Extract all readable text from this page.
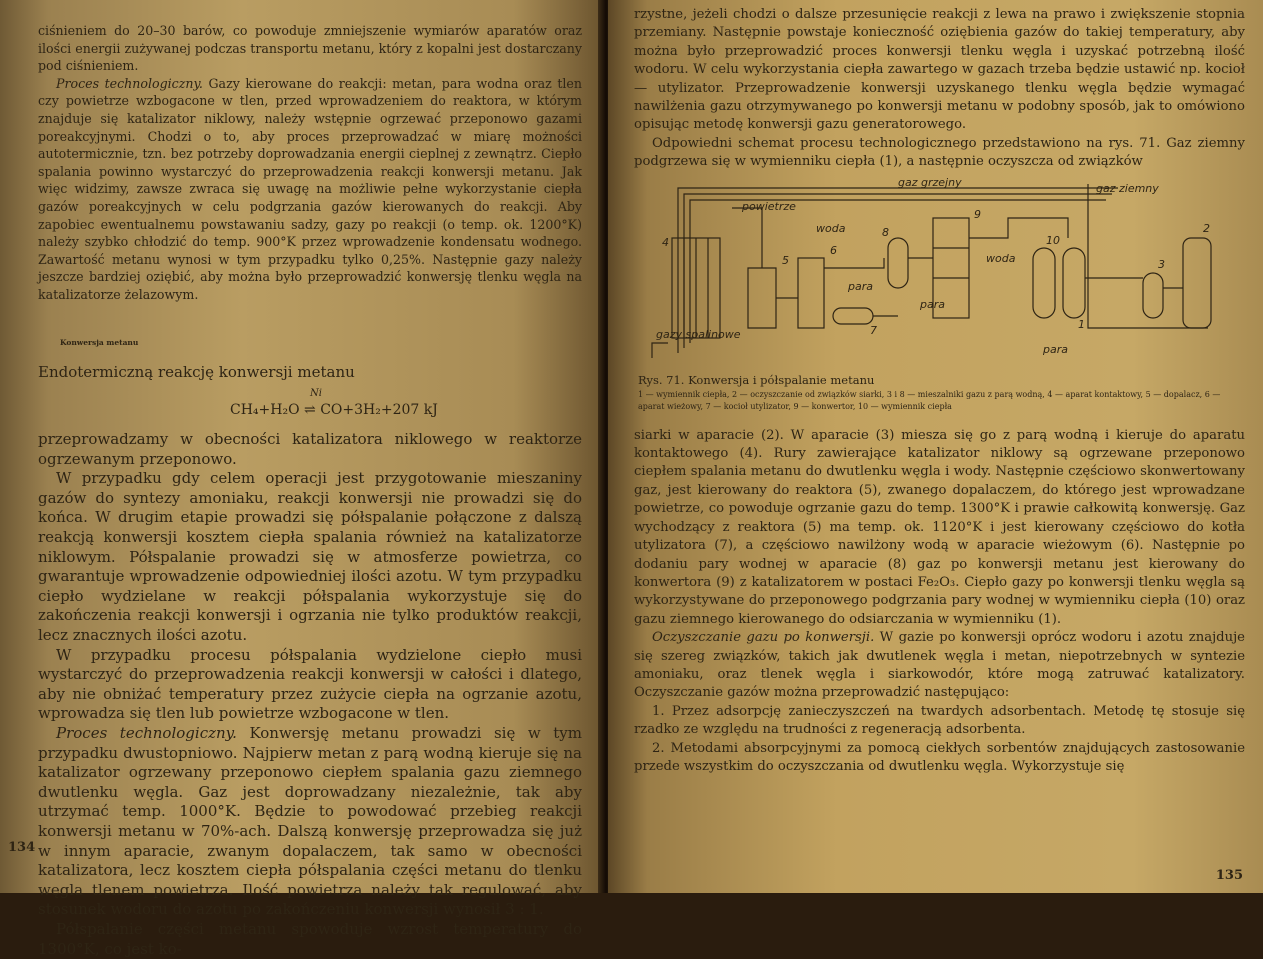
ciśnieniem do 20–30 barów, co powoduje zmniejszenie wymiarów aparatów oraz ilości energii zużywanej podczas transportu metanu, który z kopalni jest dostarczany pod ciśnieniem.

Proces technologiczny. Gazy kierowane do reakcji: metan, para wodna oraz tlen czy powietrze wzbogacone w tlen, przed wprowadzeniem do reaktora, w którym znajduje się katalizator niklowy, należy wstępnie ogrzewać przeponowo gazami poreakcyjnymi. Chodzi o to, aby proces przeprowadzać w miarę możności autotermicznie, tzn. bez potrzeby doprowadzania energii cieplnej z zewnątrz. Ciepło spalania powinno wystarczyć do przeprowadzenia reakcji konwersji metanu. Jak więc widzimy, zawsze zwraca się uwagę na możliwie pełne wykorzystanie ciepła gazów poreakcyjnych w celu podgrzania gazów kierowanych do reakcji. Aby zapobiec ewentualnemu powstawaniu sadzy, gazy po reakcji (o temp. ok. 1200°K) należy szybko chłodzić do temp. 900°K przez wprowadzenie kondensatu wodnego. Zawartość metanu wynosi w tym przypadku tylko 0,25%. Następnie gazy należy jeszcze bardziej oziębić, aby można było przeprowadzić konwersję tlenku węgla na katalizatorze żelazowym.

Konwersja metanu

Endotermiczną reakcję konwersji metanu

Ni
CH₄+H₂O ⇌ CO+3H₂+207 kJ

przeprowadzamy w obecności katalizatora niklowego w reaktorze ogrzewanym przeponowo.

W przypadku gdy celem operacji jest przygotowanie mieszaniny gazów do syntezy amoniaku, reakcji konwersji nie prowadzi się do końca. W drugim etapie prowadzi się półspalanie połączone z dalszą reakcją konwersji kosztem ciepła spalania również na katalizatorze niklowym. Półspalanie prowadzi się w atmosferze powietrza, co gwarantuje wprowadzenie odpowiedniej ilości azotu. W tym przypadku ciepło wydzielane w reakcji półspalania wykorzystuje się do zakończenia reakcji konwersji i ogrzania nie tylko produktów reakcji, lecz znacznych ilości azotu.

W przypadku procesu półspalania wydzielone ciepło musi wystarczyć do przeprowadzenia reakcji konwersji w całości i dlatego, aby nie obniżać temperatury przez zużycie ciepła na ogrzanie azotu, wprowadza się tlen lub powietrze wzbogacone w tlen.

Proces technologiczny. Konwersję metanu prowadzi się w tym przypadku dwustopniowo. Najpierw metan z parą wodną kieruje się na katalizator ogrzewany przeponowo ciepłem spalania gazu ziemnego dwutlenku węgla. Gaz jest doprowadzany niezależnie, tak aby utrzymać temp. 1000°K. Będzie to powodować przebieg reakcji konwersji metanu w 70%-ach. Dalszą konwersję przeprowadza się już w innym aparacie, zwanym dopalaczem, tak samo w obecności katalizatora, lecz kosztem ciepła półspalania części metanu do tlenku węgla tlenem powietrza. Ilość powietrza należy tak regulować, aby stosunek wodoru do azotu po zakończeniu konwersji wynosił 3 : 1.

Półspalanie części metanu spowoduje wzrost temperatury do 1300°K, co jest ko-

134

rzystne, jeżeli chodzi o dalsze przesunięcie reakcji z lewa na prawo i zwiększenie stopnia przemiany. Następnie powstaje konieczność oziębienia gazów do takiej temperatury, aby można było przeprowadzić proces konwersji tlenku węgla i uzyskać potrzebną ilość wodoru. W celu wykorzystania ciepła zawartego w gazach trzeba będzie ustawić np. kocioł — utylizator. Przeprowadzenie konwersji uzyskanego tlenku węgla będzie wymagać nawilżenia gazu otrzymywanego po konwersji metanu w podobny sposób, jak to omówiono opisując metodę konwersji gazu generatorowego.

Odpowiedni schemat procesu technologicznego przedstawiono na rys. 71. Gaz ziemny podgrzewa się w wymienniku ciepła (1), a następnie oczyszcza od związków

gaz grzejny	gaz ziemny
powietrze
woda
woda
para
para
para
gazy spalinowe
1
2
3
4
5
6
7
8
9
10
Rys. 71. Konwersja i półspalanie metanu
1 — wymiennik ciepła, 2 — oczyszczanie od związków siarki, 3 i 8 — mieszalniki gazu z parą wodną, 4 — aparat kontaktowy, 5 — dopalacz, 6 — aparat wieżowy, 7 — kocioł utylizator, 9 — konwertor, 10 — wymiennik ciepła

siarki w aparacie (2). W aparacie (3) miesza się go z parą wodną i kieruje do aparatu kontaktowego (4). Rury zawierające katalizator niklowy są ogrzewane przeponowo ciepłem spalania metanu do dwutlenku węgla i wody. Następnie częściowo skonwertowany gaz, jest kierowany do reaktora (5), zwanego dopalaczem, do którego jest wprowadzane powietrze, co powoduje ogrzanie gazu do temp. 1300°K i prawie całkowitą konwersję. Gaz wychodzący z reaktora (5) ma temp. ok. 1120°K i jest kierowany częściowo do kotła utylizatora (7), a częściowo nawilżony wodą w aparacie wieżowym (6). Następnie po dodaniu pary wodnej w aparacie (8) gaz po konwersji metanu jest kierowany do konwertora (9) z katalizatorem w postaci Fe₂O₃. Ciepło gazy po konwersji tlenku węgla są wykorzystywane do przeponowego podgrzania pary wodnej w wymienniku ciepła (10) oraz gazu ziemnego kierowanego do odsiarczania w wymienniku (1).

Oczyszczanie gazu po konwersji. W gazie po konwersji oprócz wodoru i azotu znajduje się szereg związków, takich jak dwutlenek węgla i metan, niepotrzebnych w syntezie amoniaku, oraz tlenek węgla i siarkowodór, które mogą zatruwać katalizatory. Oczyszczanie gazów można przeprowadzić następująco:

1. Przez adsorpcję zanieczyszczeń na twardych adsorbentach. Metodę tę stosuje się rzadko ze względu na trudności z regeneracją adsorbenta.

2. Metodami absorpcyjnymi za pomocą ciekłych sorbentów znajdujących zastosowanie przede wszystkim do oczyszczania od dwutlenku węgla. Wykorzystuje się

135
